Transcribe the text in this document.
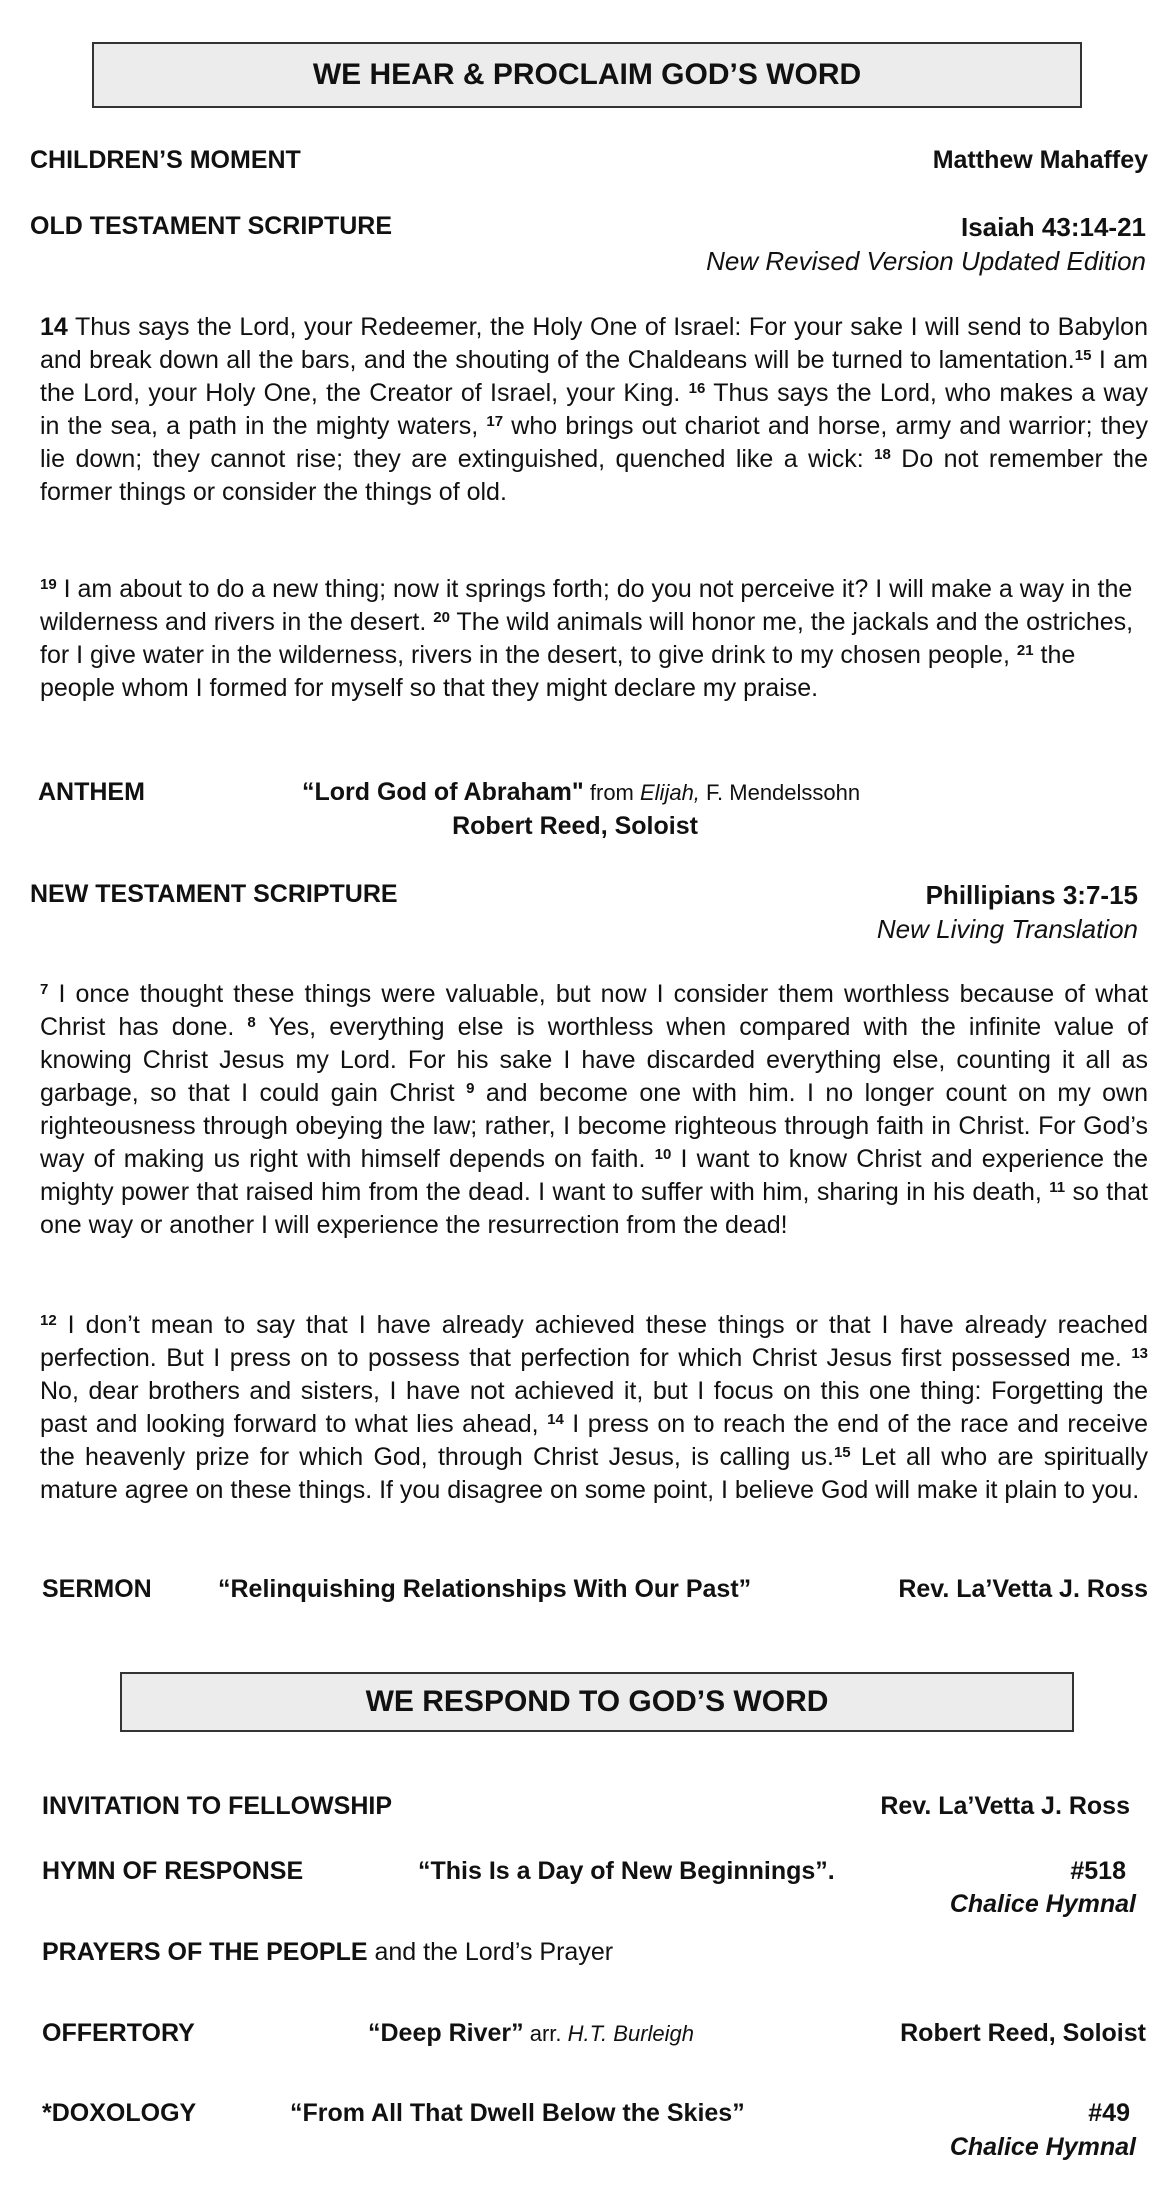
WE HEAR & PROCLAIM GOD’S WORD
CHILDREN’S MOMENT	Matthew Mahaffey
OLD TESTAMENT SCRIPTURE	Isaiah 43:14-21
New Revised Version Updated Edition

14 Thus says the Lord, your Redeemer, the Holy One of Israel: For your sake I will send to Babylon and break down all the bars, and the shouting of the Chaldeans will be turned to lamentation.$^{15}$ I am the Lord, your Holy One, the Creator of Israel, your King. $^{16}$ Thus says the Lord, who makes a way in the sea, a path in the mighty waters, $^{17}$ who brings out chariot and horse, army and warrior; they lie down; they cannot rise; they are extinguished, quenched like a wick: $^{18}$ Do not remember the former things or consider the things of old.

$^{19}$ I am about to do a new thing; now it springs forth; do you not perceive it? I will make a way in the wilderness and rivers in the desert. $^{20}$ The wild animals will honor me, the jackals and the ostriches, for I give water in the wilderness, rivers in the desert, to give drink to my chosen people, $^{21}$ the people whom I formed for myself so that they might declare my praise.

ANTHEM	“Lord God of Abraham" from Elijah, F. Mendelssohn
Robert Reed, Soloist
NEW TESTAMENT SCRIPTURE	Phillipians 3:7-15
New Living Translation

$^7$ I once thought these things were valuable, but now I consider them worthless because of what Christ has done. $^8$ Yes, everything else is worthless when compared with the infinite value of knowing Christ Jesus my Lord. For his sake I have discarded everything else, counting it all as garbage, so that I could gain Christ $^9$ and become one with him. I no longer count on my own righteousness through obeying the law; rather, I become righteous through faith in Christ. For God’s way of making us right with himself depends on faith. $^{10}$ I want to know Christ and experience the mighty power that raised him from the dead. I want to suffer with him, sharing in his death, $^{11}$ so that one way or another I will experience the resurrection from the dead!

$^{12}$ I don’t mean to say that I have already achieved these things or that I have already reached perfection. But I press on to possess that perfection for which Christ Jesus first possessed me. $^{13}$ No, dear brothers and sisters, I have not achieved it, but I focus on this one thing: Forgetting the past and looking forward to what lies ahead, $^{14}$ I press on to reach the end of the race and receive the heavenly prize for which God, through Christ Jesus, is calling us.$^{15}$ Let all who are spiritually mature agree on these things. If you disagree on some point, I believe God will make it plain to you.

SERMON	“Relinquishing Relationships With Our Past”	Rev. La’Vetta J. Ross
WE RESPOND TO GOD’S WORD
INVITATION TO FELLOWSHIP	Rev. La’Vetta J. Ross
HYMN OF RESPONSE	“This Is a Day of New Beginnings”.	#518
Chalice Hymnal
PRAYERS OF THE PEOPLE and the Lord’s Prayer
OFFERTORY	“Deep River” arr. H.T. Burleigh	Robert Reed, Soloist
*DOXOLOGY	“From All That Dwell Below the Skies”	#49
Chalice Hymnal
